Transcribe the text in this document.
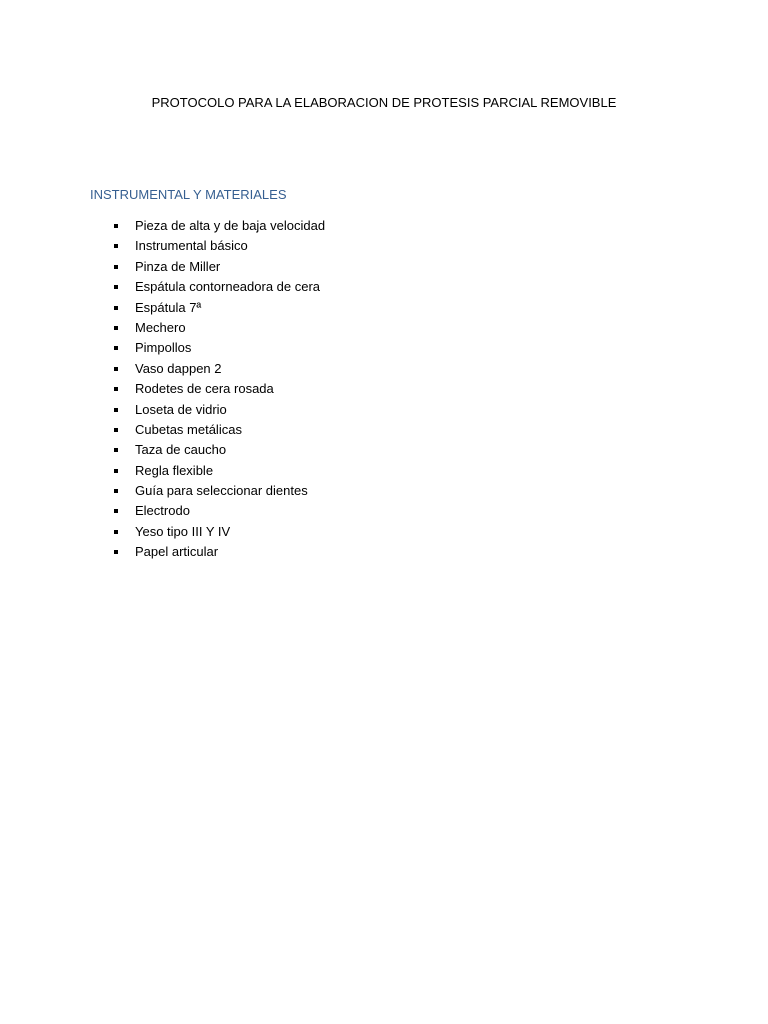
PROTOCOLO PARA LA ELABORACION DE PROTESIS PARCIAL REMOVIBLE
INSTRUMENTAL Y MATERIALES
Pieza de alta y de baja velocidad
Instrumental básico
Pinza de Miller
Espátula contorneadora de cera
Espátula 7ª
Mechero
Pimpollos
Vaso dappen 2
Rodetes de cera rosada
Loseta de vidrio
Cubetas metálicas
Taza de caucho
Regla flexible
Guía para seleccionar dientes
Electrodo
Yeso tipo III Y IV
Papel articular
